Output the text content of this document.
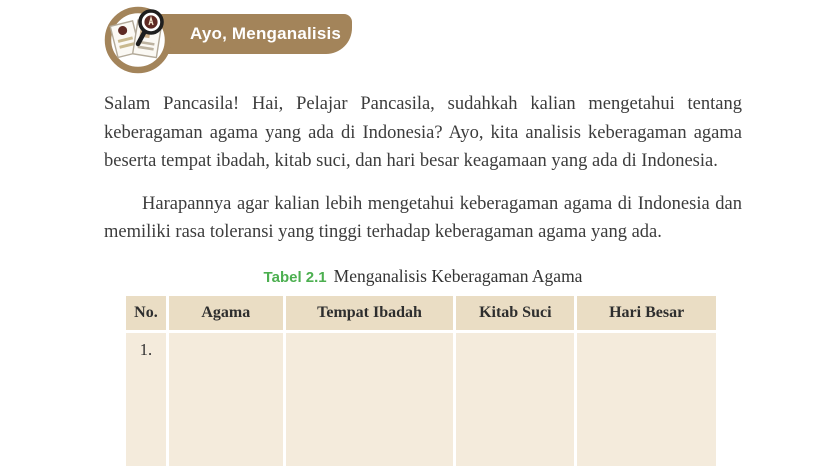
Ayo, Menganalisis

Salam Pancasila! Hai, Pelajar Pancasila, sudahkah kalian mengetahui tentang keberagaman agama yang ada di Indonesia? Ayo, kita analisis keberagaman agama beserta tempat ibadah, kitab suci, dan hari besar keagamaan yang ada di Indonesia.

Harapannya agar kalian lebih mengetahui keberagaman agama di Indonesia dan memiliki rasa toleransi yang tinggi terhadap keberagaman agama yang ada.

Tabel 2.1 Menganalisis Keberagaman Agama
No.	Agama	Tempat Ibadah	Kitab Suci	Hari Besar
1.				
